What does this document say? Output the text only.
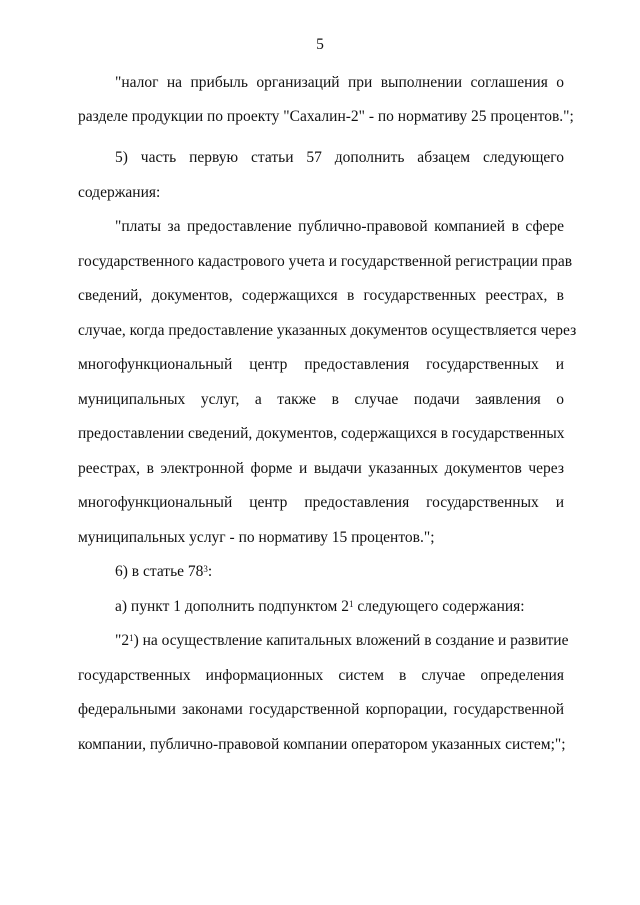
5
"налог на прибыль организаций при выполнении соглашения о
разделе продукции по проекту "Сахалин-2" - по нормативу 25 процентов.";
5) часть первую статьи 57 дополнить абзацем следующего
содержания:
"платы за предоставление публично-правовой компанией в сфере
государственного кадастрового учета и государственной регистрации прав
сведений, документов, содержащихся в государственных реестрах, в
случае, когда предоставление указанных документов осуществляется через
многофункциональный центр предоставления государственных и
муниципальных услуг, а также в случае подачи заявления о
предоставлении сведений, документов, содержащихся в государственных
реестрах, в электронной форме и выдачи указанных документов через
многофункциональный центр предоставления государственных и
муниципальных услуг - по нормативу 15 процентов.";
6) в статье $78^3$:
а) пункт 1 дополнить подпунктом $2^1$ следующего содержания:
"$2^1$) на осуществление капитальных вложений в создание и развитие
государственных информационных систем в случае определения
федеральными законами государственной корпорации, государственной
компании, публично-правовой компании оператором указанных систем;";
